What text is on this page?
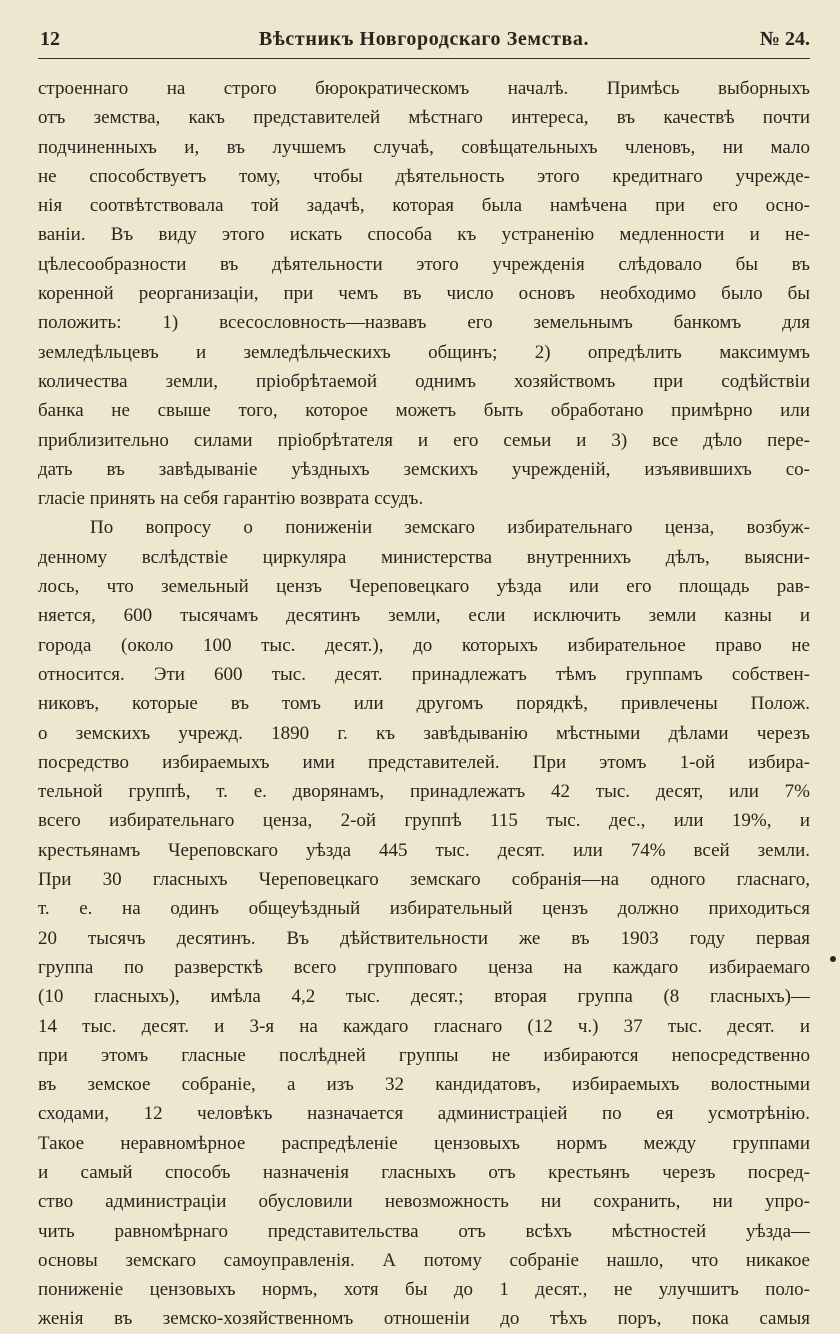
12	Вѣстникъ Новгородскаго Земства.	№ 24.
строеннаго на строго бюрократическомъ началѣ. Примѣсь выборныхъ
отъ земства, какъ представителей мѣстнаго интереса, въ качествѣ почти
подчиненныхъ и, въ лучшемъ случаѣ, совѣщательныхъ членовъ, ни мало
не способствуетъ тому, чтобы дѣятельность этого кредитнаго учрежде-
нія соотвѣтствовала той задачѣ, которая была намѣчена при его осно-
ваніи. Въ виду этого искать способа къ устраненію медленности и не-
цѣлесообразности въ дѣятельности этого учрежденія слѣдовало бы въ
коренной реорганизаціи, при чемъ въ число основъ необходимо было бы
положить: 1) всесословность—назвавъ его земельнымъ банкомъ для
земледѣльцевъ и земледѣльческихъ общинъ; 2) опредѣлить максимумъ
количества земли, пріобрѣтаемой однимъ хозяйствомъ при содѣйствіи
банка не свыше того, которое можетъ быть обработано примѣрно или
приблизительно силами пріобрѣтателя и его семьи и 3) все дѣло пере-
дать въ завѣдываніе уѣздныхъ земскихъ учрежденій, изъявившихъ со-
гласіе принять на себя гарантію возврата ссудъ.
По вопросу о пониженіи земскаго избирательнаго ценза, возбуж-
денному вслѣдствіе циркуляра министерства внутреннихъ дѣлъ, выясни-
лось, что земельный цензъ Череповецкаго уѣзда или его площадь рав-
няется, 600 тысячамъ десятинъ земли, если исключить земли казны и
города (около 100 тыс. десят.), до которыхъ избирательное право не
относится. Эти 600 тыс. десят. принадлежатъ тѣмъ группамъ собствен-
никовъ, которые въ томъ или другомъ порядкѣ, привлечены Полож.
о земскихъ учрежд. 1890 г. къ завѣдыванію мѣстными дѣлами черезъ
посредство избираемыхъ ими представителей. При этомъ 1-ой избира-
тельной группѣ, т. е. дворянамъ, принадлежатъ 42 тыс. десят, или 7%
всего избирательнаго ценза, 2-ой группѣ 115 тыс. дес., или 19%, и
крестьянамъ Череповскаго уѣзда 445 тыс. десят. или 74% всей земли.
При 30 гласныхъ Череповецкаго земскаго собранія—на одного гласнаго,
т. е. на одинъ общеуѣздный избирательный цензъ должно приходиться
20 тысячъ десятинъ. Въ дѣйствительности же въ 1903 году первая
группа по разверсткѣ всего групповаго ценза на каждаго избираемаго
(10 гласныхъ), имѣла 4,2 тыс. десят.; вторая группа (8 гласныхъ)—
14 тыс. десят. и 3-я на каждаго гласнаго (12 ч.) 37 тыс. десят. и
при этомъ гласные послѣдней группы не избираются непосредственно
въ земское собраніе, а изъ 32 кандидатовъ, избираемыхъ волостными
сходами, 12 человѣкъ назначается администраціей по ея усмотрѣнію.
Такое неравномѣрное распредѣленіе цензовыхъ нормъ между группами
и самый способъ назначенія гласныхъ отъ крестьянъ черезъ посред-
ство администраціи обусловили невозможность ни сохранить, ни упро-
чить равномѣрнаго представительства отъ всѣхъ мѣстностей уѣзда—
основы земскаго самоуправленія. А потому собраніе нашло, что никакое
пониженіе цензовыхъ нормъ, хотя бы до 1 десят., не улучшитъ поло-
женія въ земско-хозяйственномъ отношеніи до тѣхъ поръ, пока самыя
